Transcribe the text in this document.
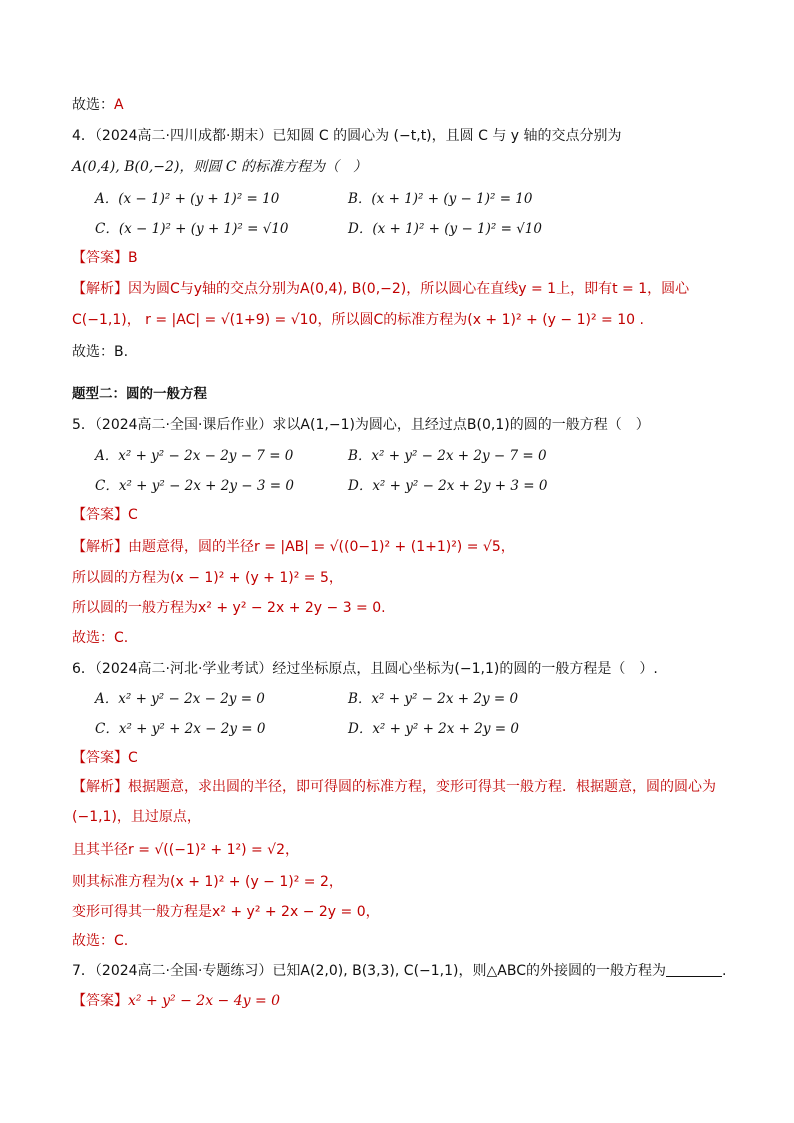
故选：A
4．（2024高二·四川成都·期末）已知圆 C 的圆心为 (−t,t)，且圆 C 与 y 轴的交点分别为
A(0,4), B(0,−2)，则圆 C 的标准方程为（　）
A．(x − 1)² + (y + 1)² = 10	B．(x + 1)² + (y − 1)² = 10
C．(x − 1)² + (y + 1)² = √10	D．(x + 1)² + (y − 1)² = √10
【答案】B
【解析】因为圆C与y轴的交点分别为A(0,4), B(0,−2)，所以圆心在直线y = 1上，即有t = 1，圆心
C(−1,1)， r = |AC| = √(1+9) = √10，所以圆C的标准方程为(x + 1)² + (y − 1)² = 10 .
故选：B.
题型二：圆的一般方程
5．（2024高二·全国·课后作业）求以A(1,−1)为圆心，且经过点B(0,1)的圆的一般方程（　）
A．x² + y² − 2x − 2y − 7 = 0	B．x² + y² − 2x + 2y − 7 = 0
C．x² + y² − 2x + 2y − 3 = 0	D．x² + y² − 2x + 2y + 3 = 0
【答案】C
【解析】由题意得，圆的半径r = |AB| = √((0−1)² + (1+1)²) = √5，
所以圆的方程为(x − 1)² + (y + 1)² = 5，
所以圆的一般方程为x² + y² − 2x + 2y − 3 = 0.
故选：C.
6．（2024高二·河北·学业考试）经过坐标原点，且圆心坐标为(−1,1)的圆的一般方程是（　）.
A．x² + y² − 2x − 2y = 0	B．x² + y² − 2x + 2y = 0
C．x² + y² + 2x − 2y = 0	D．x² + y² + 2x + 2y = 0
【答案】C
【解析】根据题意，求出圆的半径，即可得圆的标准方程，变形可得其一般方程．根据题意，圆的圆心为
(−1,1)，且过原点，
且其半径r = √((−1)² + 1²) = √2，
则其标准方程为(x + 1)² + (y − 1)² = 2，
变形可得其一般方程是x² + y² + 2x − 2y = 0，
故选：C.
7．（2024高二·全国·专题练习）已知A(2,0), B(3,3), C(−1,1)，则△ABC的外接圆的一般方程为	.
【答案】x² + y² − 2x − 4y = 0
